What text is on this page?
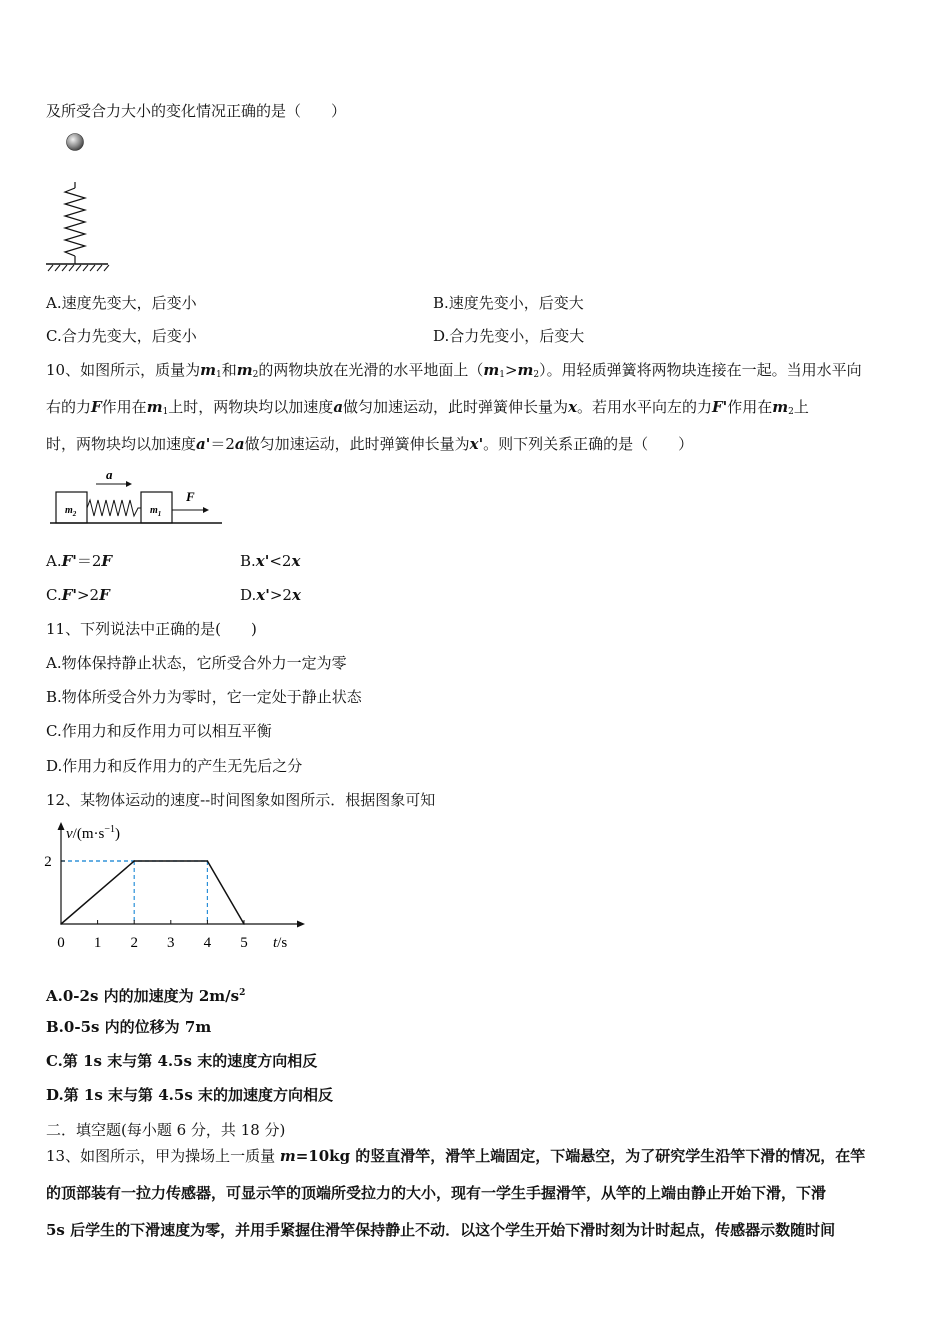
及所受合力大小的变化情况正确的是（　　）
A.速度先变大，后变小	B.速度先变小，后变大
C.合力先变大，后变小	D.合力先变小，后变大
10、如图所示，质量为$m_1$和$m_2$的两物块放在光滑的水平地面上$(m_1>m_2)$。用轻质弹簧将两物块连接在一起。当用水平向
右的力F作用在$m_1$上时，两物块均以加速度a做匀加速运动，此时弹簧伸长量为x。若用水平向左的力F'作用在$m_2$上
时，两物块均以加速度a'＝2a做匀加速运动，此时弹簧伸长量为x'。则下列关系正确的是（　　）
a
$m_2$	$m_1$
F
A.F'＝2F	B.x'<2x
C.F'>2F	D.x'>2x
11、下列说法中正确的是(　　)
A.物体保持静止状态，它所受合外力一定为零
B.物体所受合外力为零时，它一定处于静止状态
C.作用力和反作用力可以相互平衡
D.作用力和反作用力的产生无先后之分
12、某物体运动的速度--时间图象如图所示．根据图象可知
0 1 2 3 4 5
2
$v/(m\cdot s^{-1})$
t/s
A.0-2s 内的加速度为 $2m/s^2$
B.0-5s 内的位移为 7m
C.第 1s 末与第 4.5s 末的速度方向相反
D.第 1s 末与第 4.5s 末的加速度方向相反
二．填空题(每小题 6 分，共 18 分)
13、如图所示，甲为操场上一质量 m=10kg 的竖直滑竿，滑竿上端固定，下端悬空，为了研究学生沿竿下滑的情况，在竿
的顶部装有一拉力传感器，可显示竿的顶端所受拉力的大小，现有一学生手握滑竿，从竿的上端由静止开始下滑，下滑
5s 后学生的下滑速度为零，并用手紧握住滑竿保持静止不动．以这个学生开始下滑时刻为计时起点，传感器示数随时间
